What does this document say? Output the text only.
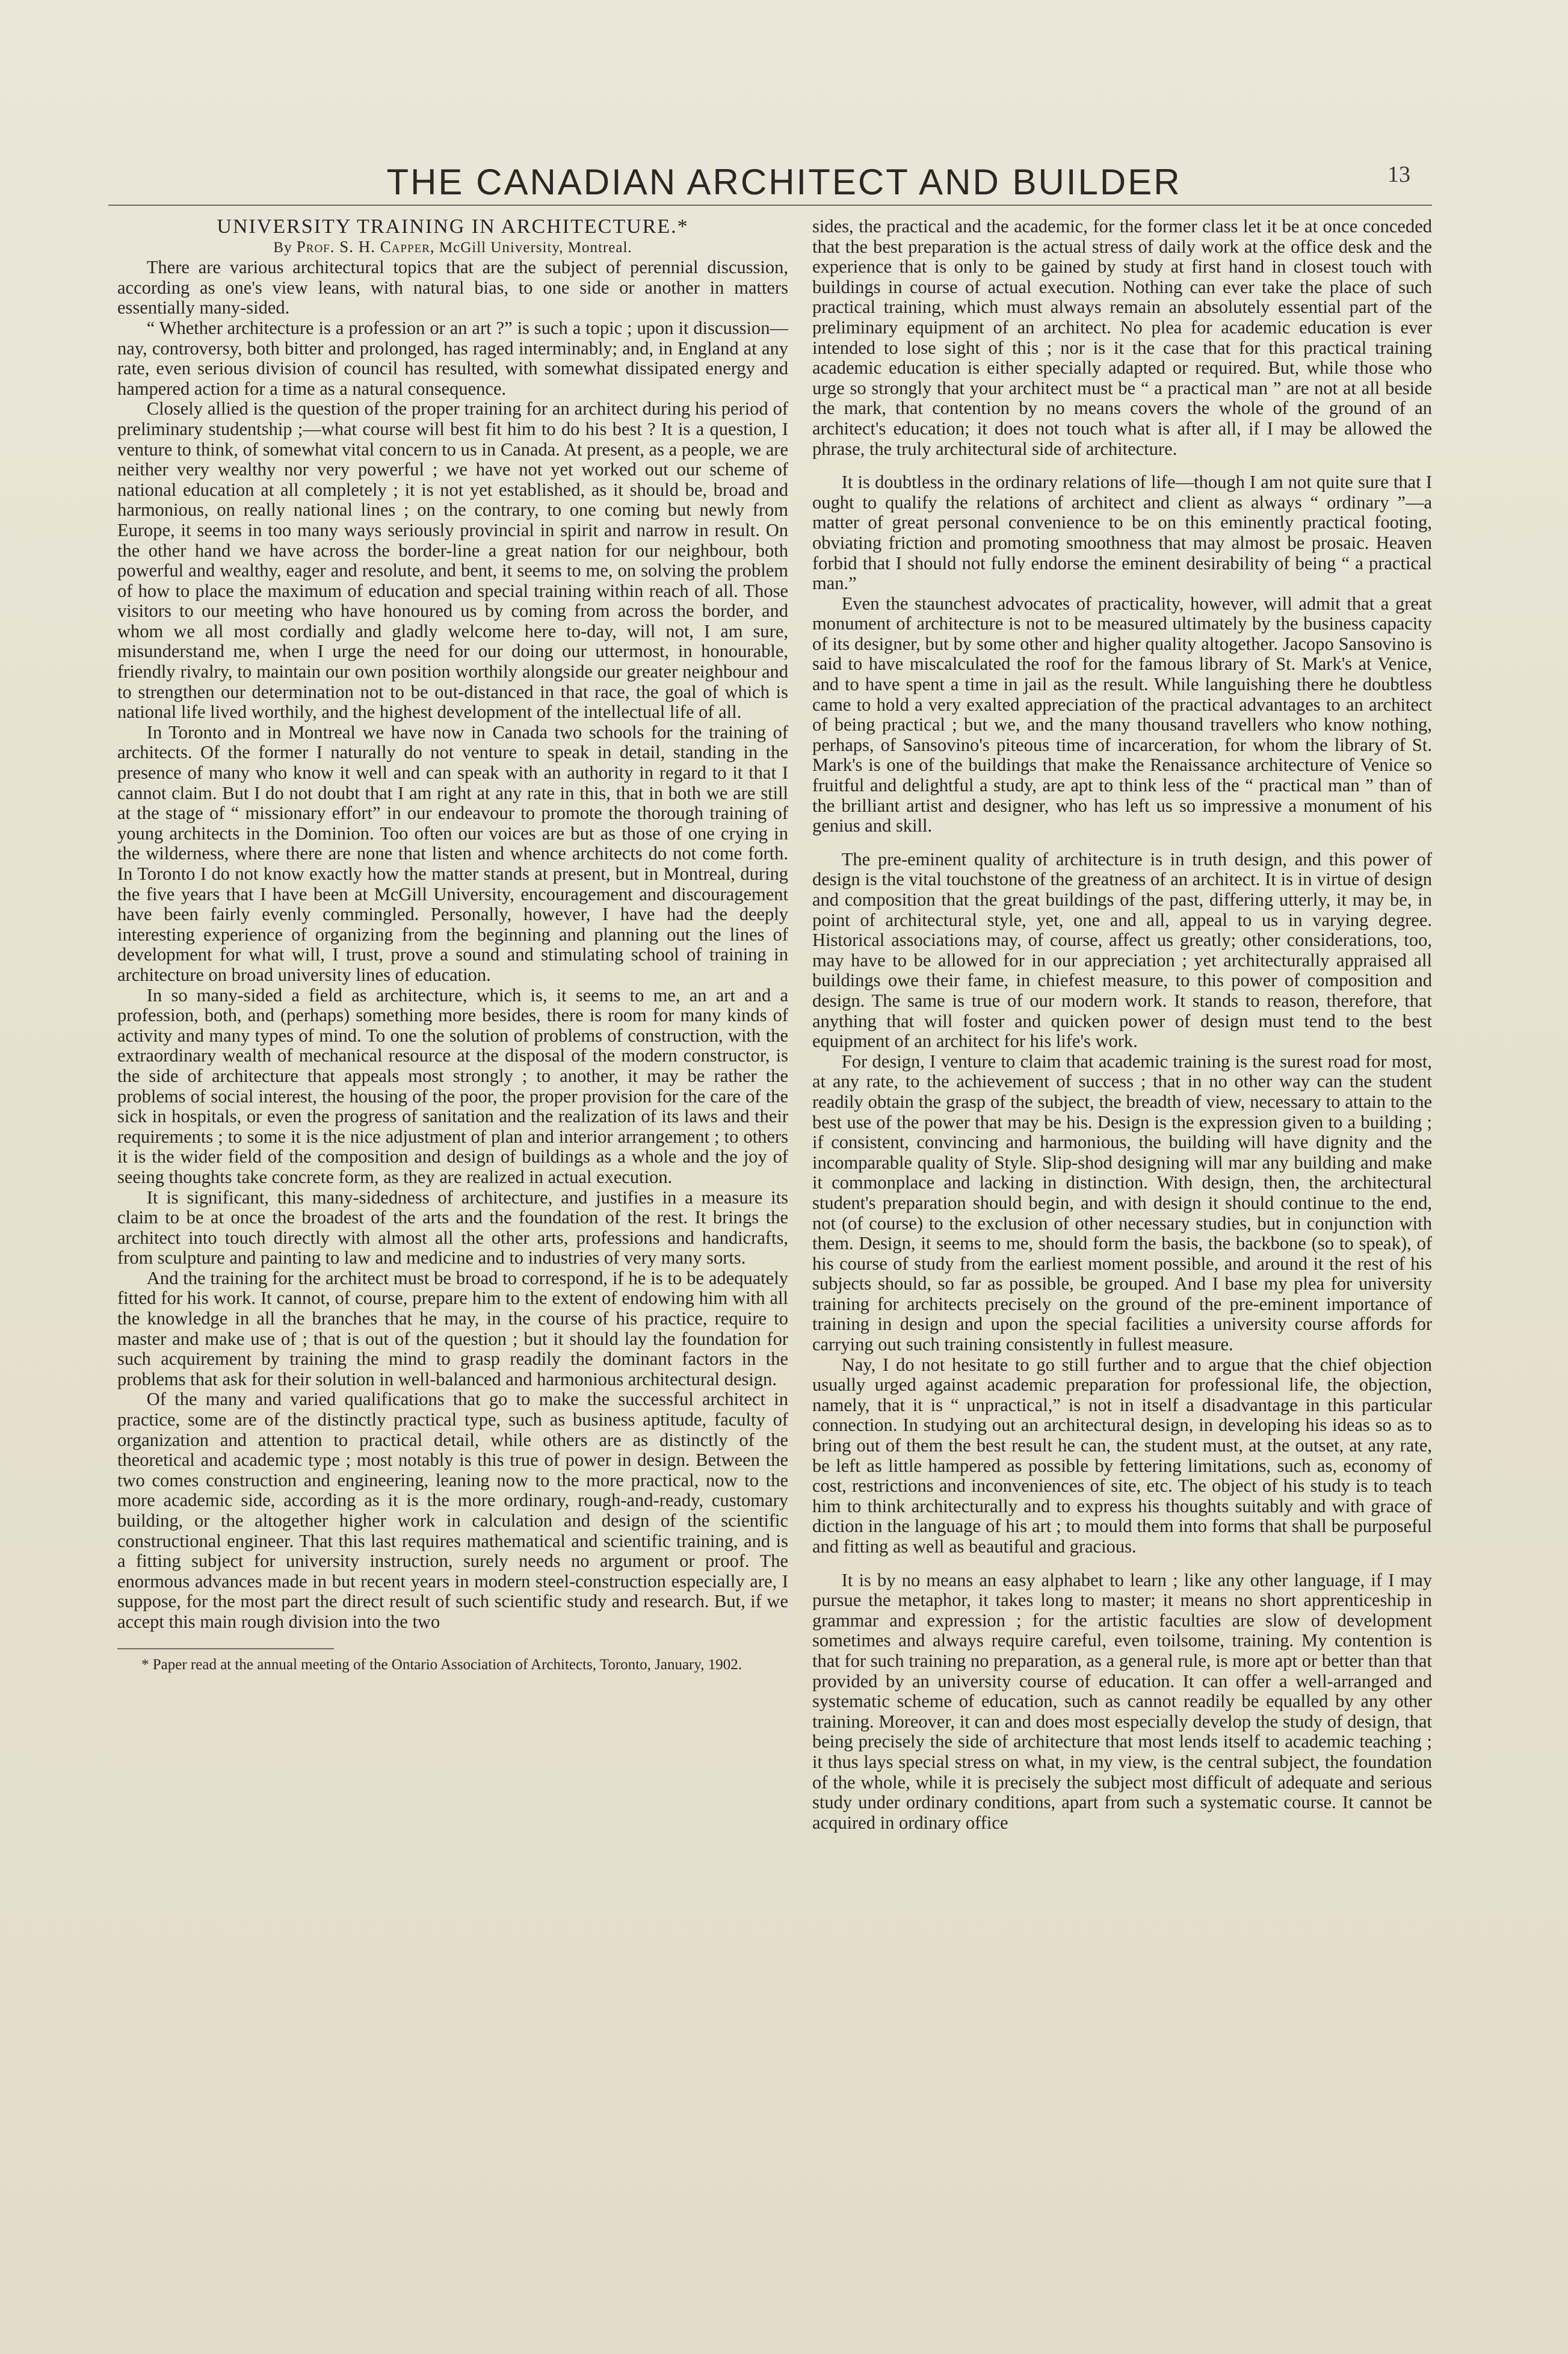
THE CANADIAN ARCHITECT AND BUILDER	13

UNIVERSITY TRAINING IN ARCHITECTURE.*

By Prof. S. H. Capper, McGill University, Montreal.

There are various architectural topics that are the subject of perennial discussion, according as one's view leans, with natural bias, to one side or another in matters essentially many-sided.

“ Whether architecture is a profession or an art ?” is such a topic ; upon it discussion—nay, controversy, both bitter and prolonged, has raged interminably; and, in England at any rate, even serious division of council has resulted, with somewhat dissipated energy and hampered action for a time as a natural consequence.

Closely allied is the question of the proper training for an architect during his period of preliminary studentship ;—what course will best fit him to do his best ? It is a question, I venture to think, of somewhat vital concern to us in Canada. At present, as a people, we are neither very wealthy nor very powerful ; we have not yet worked out our scheme of national education at all completely ; it is not yet established, as it should be, broad and harmonious, on really national lines ; on the contrary, to one coming but newly from Europe, it seems in too many ways seriously provincial in spirit and narrow in result. On the other hand we have across the border-line a great nation for our neighbour, both powerful and wealthy, eager and resolute, and bent, it seems to me, on solving the problem of how to place the maximum of education and special training within reach of all. Those visitors to our meeting who have honoured us by coming from across the border, and whom we all most cordially and gladly welcome here to-day, will not, I am sure, misunderstand me, when I urge the need for our doing our uttermost, in honourable, friendly rivalry, to maintain our own position worthily alongside our greater neighbour and to strengthen our determination not to be out-distanced in that race, the goal of which is national life lived worthily, and the highest development of the intellectual life of all.

In Toronto and in Montreal we have now in Canada two schools for the training of architects. Of the former I naturally do not venture to speak in detail, standing in the presence of many who know it well and can speak with an authority in regard to it that I cannot claim. But I do not doubt that I am right at any rate in this, that in both we are still at the stage of “ missionary effort” in our endeavour to promote the thorough training of young architects in the Dominion. Too often our voices are but as those of one crying in the wilderness, where there are none that listen and whence architects do not come forth. In Toronto I do not know exactly how the matter stands at present, but in Montreal, during the five years that I have been at McGill University, encouragement and discouragement have been fairly evenly commingled. Personally, however, I have had the deeply interesting experience of organizing from the beginning and planning out the lines of development for what will, I trust, prove a sound and stimulating school of training in architecture on broad university lines of education.

In so many-sided a field as architecture, which is, it seems to me, an art and a profession, both, and (perhaps) something more besides, there is room for many kinds of activity and many types of mind. To one the solution of problems of construction, with the extraordinary wealth of mechanical resource at the disposal of the modern constructor, is the side of architecture that appeals most strongly ; to another, it may be rather the problems of social interest, the housing of the poor, the proper provision for the care of the sick in hospitals, or even the progress of sanitation and the realization of its laws and their requirements ; to some it is the nice adjustment of plan and interior arrangement ; to others it is the wider field of the composition and design of buildings as a whole and the joy of seeing thoughts take concrete form, as they are realized in actual execution.

It is significant, this many-sidedness of architecture, and justifies in a measure its claim to be at once the broadest of the arts and the foundation of the rest. It brings the architect into touch directly with almost all the other arts, professions and handicrafts, from sculpture and painting to law and medicine and to industries of very many sorts.

And the training for the architect must be broad to correspond, if he is to be adequately fitted for his work. It cannot, of course, prepare him to the extent of endowing him with all the knowledge in all the branches that he may, in the course of his practice, require to master and make use of ; that is out of the question ; but it should lay the foundation for such acquirement by training the mind to grasp readily the dominant factors in the problems that ask for their solution in well-balanced and harmonious architectural design.

Of the many and varied qualifications that go to make the successful architect in practice, some are of the distinctly practical type, such as business aptitude, faculty of organization and attention to practical detail, while others are as distinctly of the theoretical and academic type ; most notably is this true of power in design. Between the two comes construction and engineering, leaning now to the more practical, now to the more academic side, according as it is the more ordinary, rough-and-ready, customary building, or the altogether higher work in calculation and design of the scientific constructional engineer. That this last requires mathematical and scientific training, and is a fitting subject for university instruction, surely needs no argument or proof. The enormous advances made in but recent years in modern steel-construction especially are, I suppose, for the most part the direct result of such scientific study and research. But, if we accept this main rough division into the two

* Paper read at the annual meeting of the Ontario Association of Architects, Toronto, January, 1902.

sides, the practical and the academic, for the former class let it be at once conceded that the best preparation is the actual stress of daily work at the office desk and the experience that is only to be gained by study at first hand in closest touch with buildings in course of actual execution. Nothing can ever take the place of such practical training, which must always remain an absolutely essential part of the preliminary equipment of an architect. No plea for academic education is ever intended to lose sight of this ; nor is it the case that for this practical training academic education is either specially adapted or required. But, while those who urge so strongly that your architect must be “ a practical man ” are not at all beside the mark, that contention by no means covers the whole of the ground of an architect's education; it does not touch what is after all, if I may be allowed the phrase, the truly architectural side of architecture.

It is doubtless in the ordinary relations of life—though I am not quite sure that I ought to qualify the relations of architect and client as always “ ordinary ”—a matter of great personal convenience to be on this eminently practical footing, obviating friction and promoting smoothness that may almost be prosaic. Heaven forbid that I should not fully endorse the eminent desirability of being “ a practical man.”

Even the staunchest advocates of practicality, however, will admit that a great monument of architecture is not to be measured ultimately by the business capacity of its designer, but by some other and higher quality altogether. Jacopo Sansovino is said to have miscalculated the roof for the famous library of St. Mark's at Venice, and to have spent a time in jail as the result. While languishing there he doubtless came to hold a very exalted appreciation of the practical advantages to an architect of being practical ; but we, and the many thousand travellers who know nothing, perhaps, of Sansovino's piteous time of incarceration, for whom the library of St. Mark's is one of the buildings that make the Renaissance architecture of Venice so fruitful and delightful a study, are apt to think less of the “ practical man ” than of the brilliant artist and designer, who has left us so impressive a monument of his genius and skill.

The pre-eminent quality of architecture is in truth design, and this power of design is the vital touchstone of the greatness of an architect. It is in virtue of design and composition that the great buildings of the past, differing utterly, it may be, in point of architectural style, yet, one and all, appeal to us in varying degree. Historical associations may, of course, affect us greatly; other considerations, too, may have to be allowed for in our appreciation ; yet architecturally appraised all buildings owe their fame, in chiefest measure, to this power of composition and design. The same is true of our modern work. It stands to reason, therefore, that anything that will foster and quicken power of design must tend to the best equipment of an architect for his life's work.

For design, I venture to claim that academic training is the surest road for most, at any rate, to the achievement of success ; that in no other way can the student readily obtain the grasp of the subject, the breadth of view, necessary to attain to the best use of the power that may be his. Design is the expression given to a building ; if consistent, convincing and harmonious, the building will have dignity and the incomparable quality of Style. Slip-shod designing will mar any building and make it commonplace and lacking in distinction. With design, then, the architectural student's preparation should begin, and with design it should continue to the end, not (of course) to the exclusion of other necessary studies, but in conjunction with them. Design, it seems to me, should form the basis, the backbone (so to speak), of his course of study from the earliest moment possible, and around it the rest of his subjects should, so far as possible, be grouped. And I base my plea for university training for architects precisely on the ground of the pre-eminent importance of training in design and upon the special facilities a university course affords for carrying out such training consistently in fullest measure.

Nay, I do not hesitate to go still further and to argue that the chief objection usually urged against academic preparation for professional life, the objection, namely, that it is “ unpractical,” is not in itself a disadvantage in this particular connection. In studying out an architectural design, in developing his ideas so as to bring out of them the best result he can, the student must, at the outset, at any rate, be left as little hampered as possible by fettering limitations, such as, economy of cost, restrictions and inconveniences of site, etc. The object of his study is to teach him to think architecturally and to express his thoughts suitably and with grace of diction in the language of his art ; to mould them into forms that shall be purposeful and fitting as well as beautiful and gracious.

It is by no means an easy alphabet to learn ; like any other language, if I may pursue the metaphor, it takes long to master; it means no short apprenticeship in grammar and expression ; for the artistic faculties are slow of development sometimes and always require careful, even toilsome, training. My contention is that for such training no preparation, as a general rule, is more apt or better than that provided by an university course of education. It can offer a well-arranged and systematic scheme of education, such as cannot readily be equalled by any other training. Moreover, it can and does most especially develop the study of design, that being precisely the side of architecture that most lends itself to academic teaching ; it thus lays special stress on what, in my view, is the central subject, the foundation of the whole, while it is precisely the subject most difficult of adequate and serious study under ordinary conditions, apart from such a systematic course. It cannot be acquired in ordinary office
